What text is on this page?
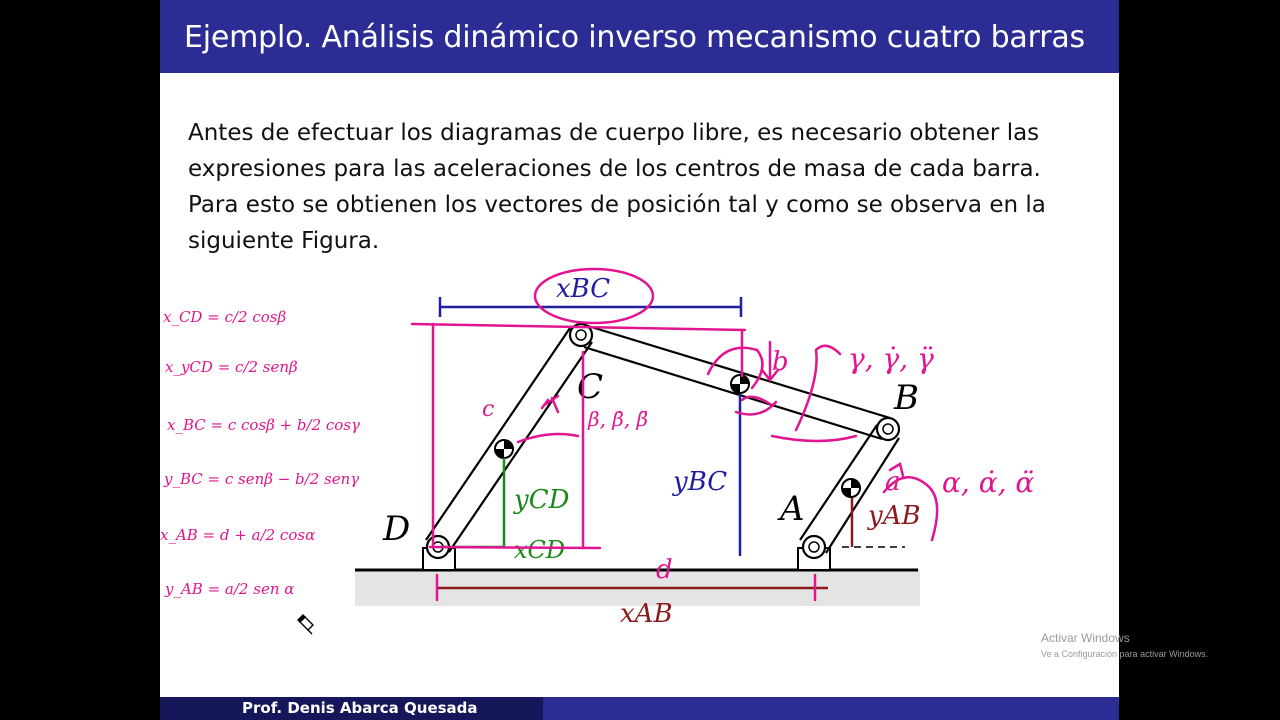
Ejemplo. Análisis dinámico inverso mecanismo cuatro barras

Antes de efectuar los diagramas de cuerpo libre, es necesario obtener las

expresiones para las aceleraciones de los centros de masa de cada barra.

Para esto se obtienen los vectores de posición tal y como se observa en la

siguiente Figura.

D
C	B
A
xBC
yBC
yCD
xCD
xAB
yAB
γ, γ̇, γ̈
α, α̇, α̈
β, β̇, β̈
c
b
a
d
x_CD = c/2 cosβ
x_yCD = c/2 senβ
x_BC = c cosβ + b/2 cosγ
y_BC = c senβ − b/2 senγ
x_AB = d + a/2 cosα
y_AB = a/2 sen α
Prof. Denis Abarca Quesada
Activar Windows
Ve a Configuración para activar Windows.
